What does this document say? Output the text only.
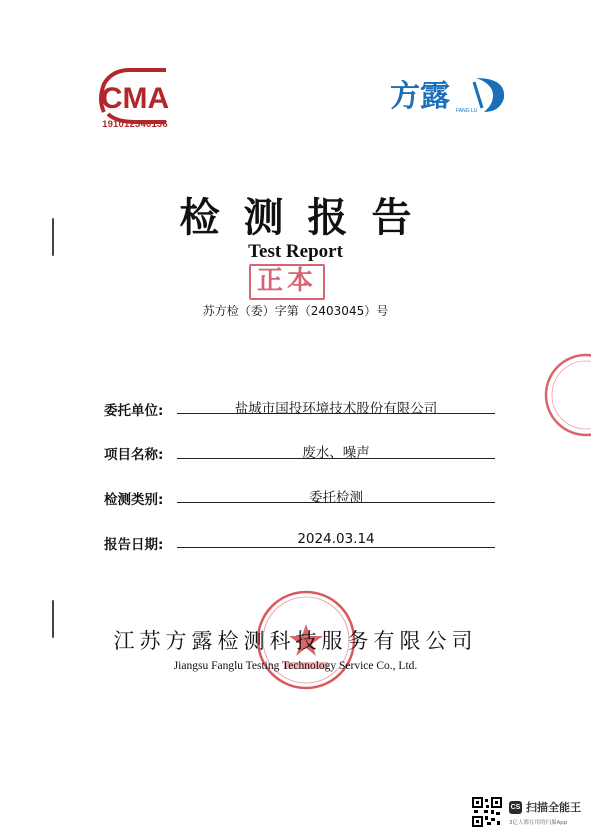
CMA
191012340136
方露 FANG LU
检测报告
Test Report
正本
苏方检（委）字第（2403045）号
委托单位:	盐城市国投环境技术股份有限公司
项目名称:	废水、噪声
检测类别:	委托检测
报告日期:	2024.03.14
江苏方露检测科技服务有限公司
Jiangsu Fanglu Testing Technology Service Co., Ltd.
CS 扫描全能王
3亿人都在用的扫描App
